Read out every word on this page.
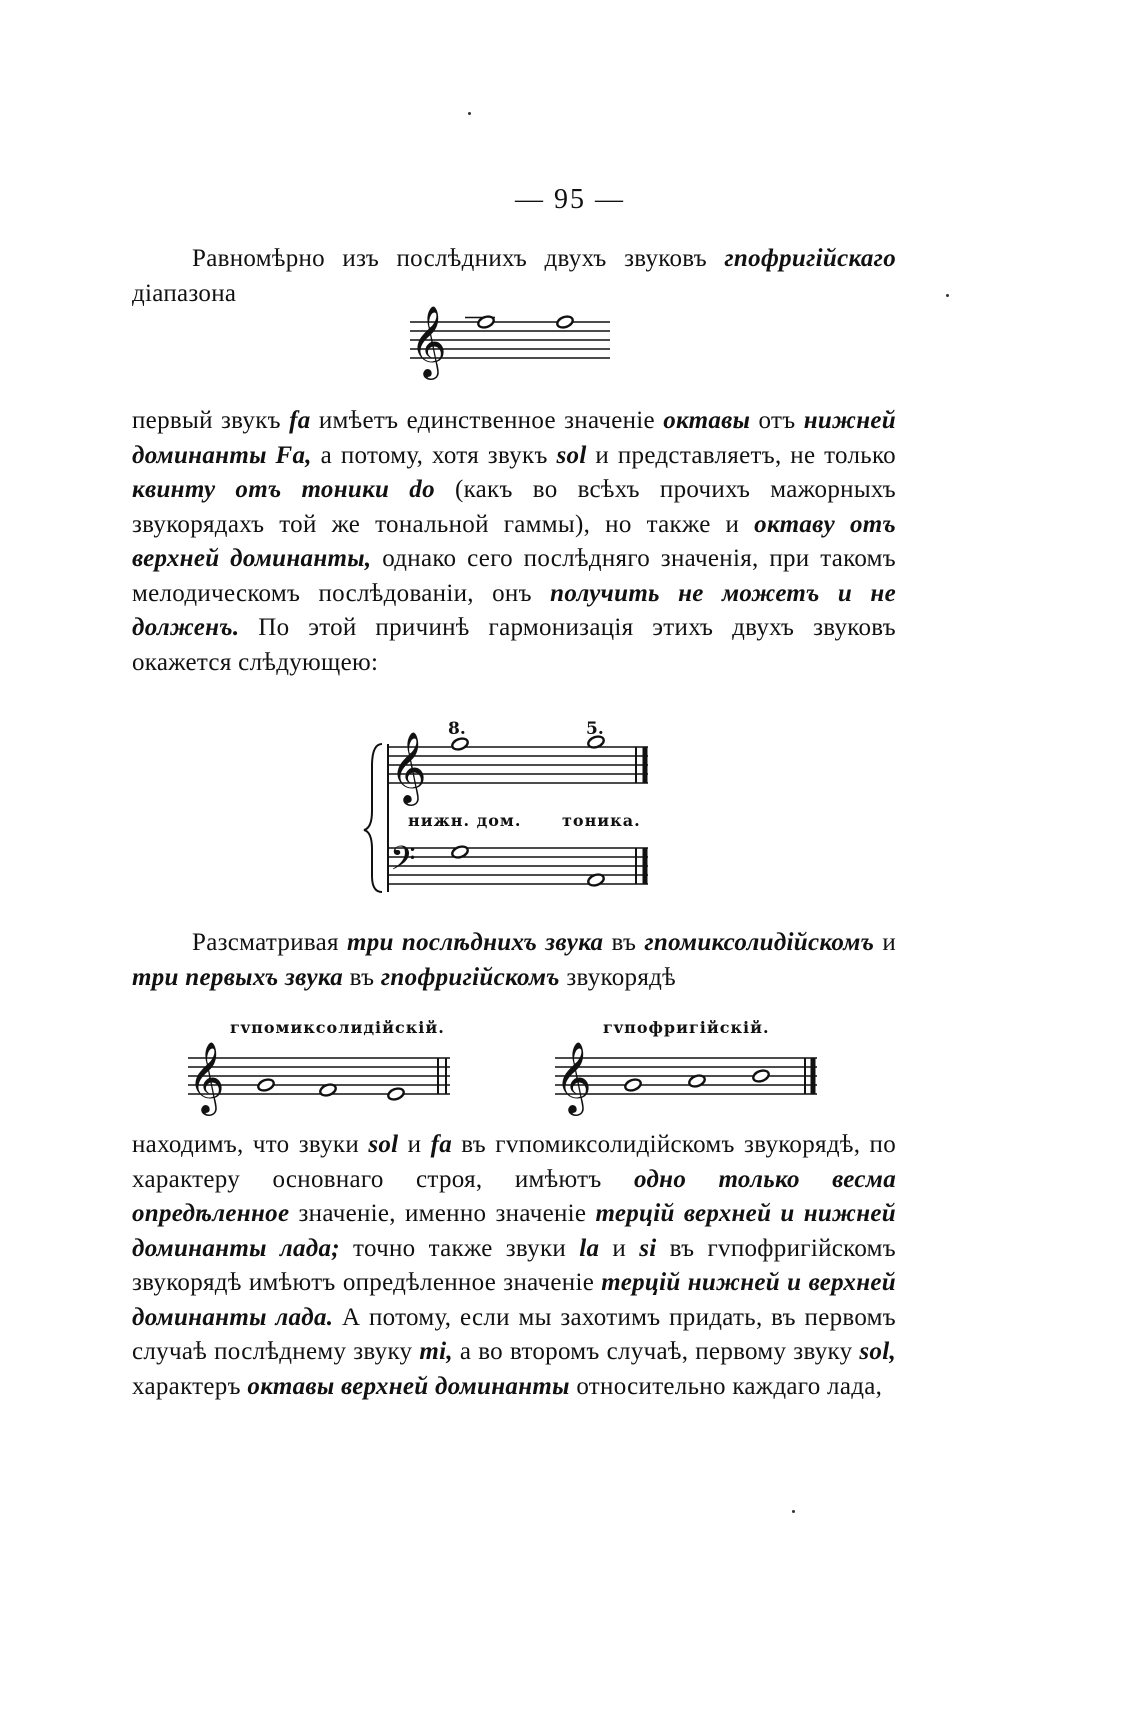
— 95 —
Равномѣрно изъ послѣднихъ двухъ звуковъ гпофригійскаго діапазона
𝄞
первый звукъ fa имѣетъ единственное значеніе октавы отъ нижней доминанты Fa, а потому, хотя звукъ sol и представляетъ, не только квинту отъ тоники do (какъ во всѣхъ прочихъ мажорныхъ звукорядахъ той же тональной гаммы), но также и октаву отъ верхней доминанты, однако сего послѣдняго значенія, при такомъ мелодическомъ послѣдованіи, онъ получить не можетъ и не долженъ. По этой причинѣ гармонизація этихъ двухъ звуковъ окажется слѣдующею:
𝄞
8.	5.
нижн. дом.	тоника.
𝄢
Разсматривая три послѣднихъ звука въ гпомиксолидійскомъ и три первыхъ звука въ гпофригійскомъ звукорядѣ
гvпомиксолидійскій.	гvпофригійскій.
𝄞	𝄞
находимъ, что звуки sol и fa въ гvпомиксолидійскомъ звукорядѣ, по характеру основнаго строя, имѣютъ одно только весма опредѣленное значеніе, именно значеніе терцій верхней и нижней доминанты лада; точно также звуки la и si въ гvпофригійскомъ звукорядѣ имѣютъ опредѣленное значеніе терцій нижней и верхней доминанты лада. А потому, если мы захотимъ придать, въ первомъ случаѣ послѣднему звуку mi, а во второмъ случаѣ, первому звуку sol, характеръ октавы верхней доминанты относительно каждаго лада,
